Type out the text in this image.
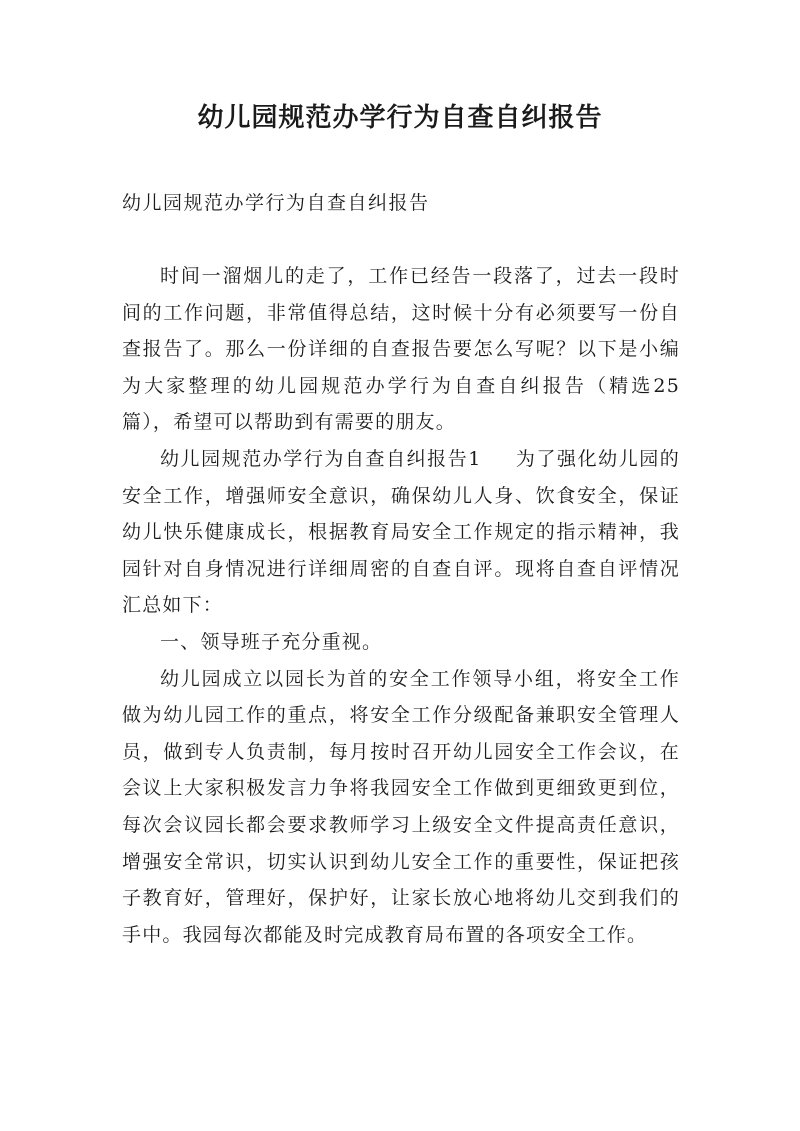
幼儿园规范办学行为自查自纠报告
幼儿园规范办学行为自查自纠报告

时间一溜烟儿的走了，工作已经告一段落了，过去一段时间的工作问题，非常值得总结，这时候十分有必须要写一份自查报告了。那么一份详细的自查报告要怎么写呢？以下是小编为大家整理的幼儿园规范办学行为自查自纠报告（精选25篇），希望可以帮助到有需要的朋友。

幼儿园规范办学行为自查自纠报告1 为了强化幼儿园的安全工作，增强师安全意识，确保幼儿人身、饮食安全，保证幼儿快乐健康成长，根据教育局安全工作规定的指示精神，我园针对自身情况进行详细周密的自查自评。现将自查自评情况汇总如下：

一、领导班子充分重视。

幼儿园成立以园长为首的安全工作领导小组，将安全工作做为幼儿园工作的重点，将安全工作分级配备兼职安全管理人员，做到专人负责制，每月按时召开幼儿园安全工作会议，在会议上大家积极发言力争将我园安全工作做到更细致更到位，每次会议园长都会要求教师学习上级安全文件提高责任意识，增强安全常识，切实认识到幼儿安全工作的重要性，保证把孩子教育好，管理好，保护好，让家长放心地将幼儿交到我们的手中。我园每次都能及时完成教育局布置的各项安全工作。
